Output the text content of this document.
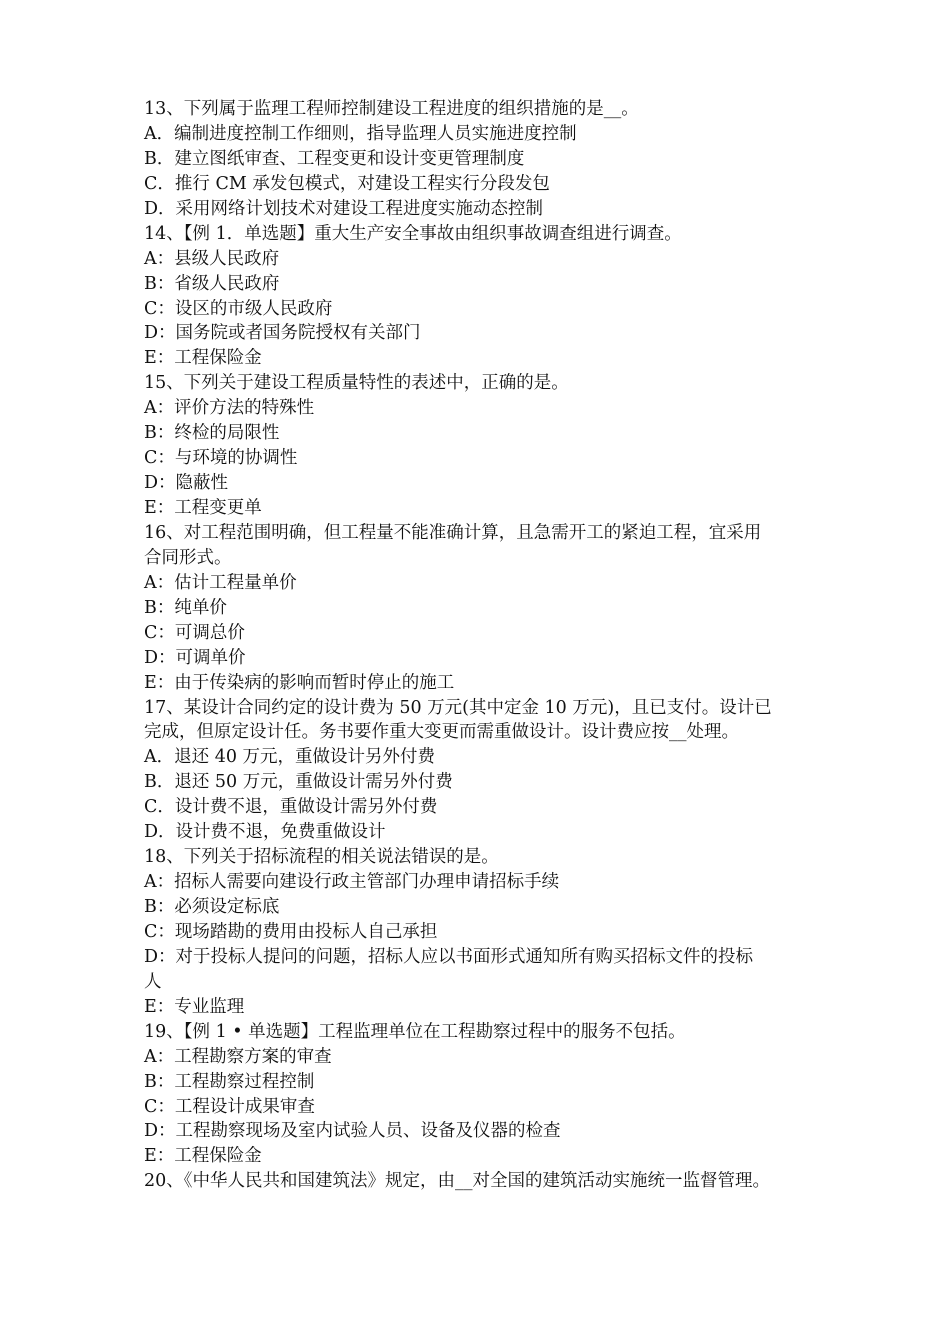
13、下列属于监理工程师控制建设工程进度的组织措施的是__。
A．编制进度控制工作细则，指导监理人员实施进度控制
B．建立图纸审查、工程变更和设计变更管理制度
C．推行 CM 承发包模式，对建设工程实行分段发包
D．采用网络计划技术对建设工程进度实施动态控制
14、【例 1．单选题】重大生产安全事故由组织事故调查组进行调查。
A：县级人民政府
B：省级人民政府
C：设区的市级人民政府
D：国务院或者国务院授权有关部门
E：工程保险金
15、下列关于建设工程质量特性的表述中，正确的是。
A：评价方法的特殊性
B：终检的局限性
C：与环境的协调性
D：隐蔽性
E：工程变更单
16、对工程范围明确，但工程量不能准确计算，且急需开工的紧迫工程，宜采用
合同形式。
A：估计工程量单价
B：纯单价
C：可调总价
D：可调单价
E：由于传染病的影响而暂时停止的施工
17、某设计合同约定的设计费为 50 万元(其中定金 10 万元)，且已支付。设计已
完成，但原定设计任。务书要作重大变更而需重做设计。设计费应按__处理。
A．退还 40 万元，重做设计另外付费
B．退还 50 万元，重做设计需另外付费
C．设计费不退，重做设计需另外付费
D．设计费不退，免费重做设计
18、下列关于招标流程的相关说法错误的是。
A：招标人需要向建设行政主管部门办理申请招标手续
B：必须设定标底
C：现场踏勘的费用由投标人自己承担
D：对于投标人提问的问题，招标人应以书面形式通知所有购买招标文件的投标
人
E：专业监理
19、【例 1 • 单选题】工程监理单位在工程勘察过程中的服务不包括。
A：工程勘察方案的审查
B：工程勘察过程控制
C：工程设计成果审查
D：工程勘察现场及室内试验人员、设备及仪器的检查
E：工程保险金
20、《中华人民共和国建筑法》规定，由__对全国的建筑活动实施统一监督管理。
